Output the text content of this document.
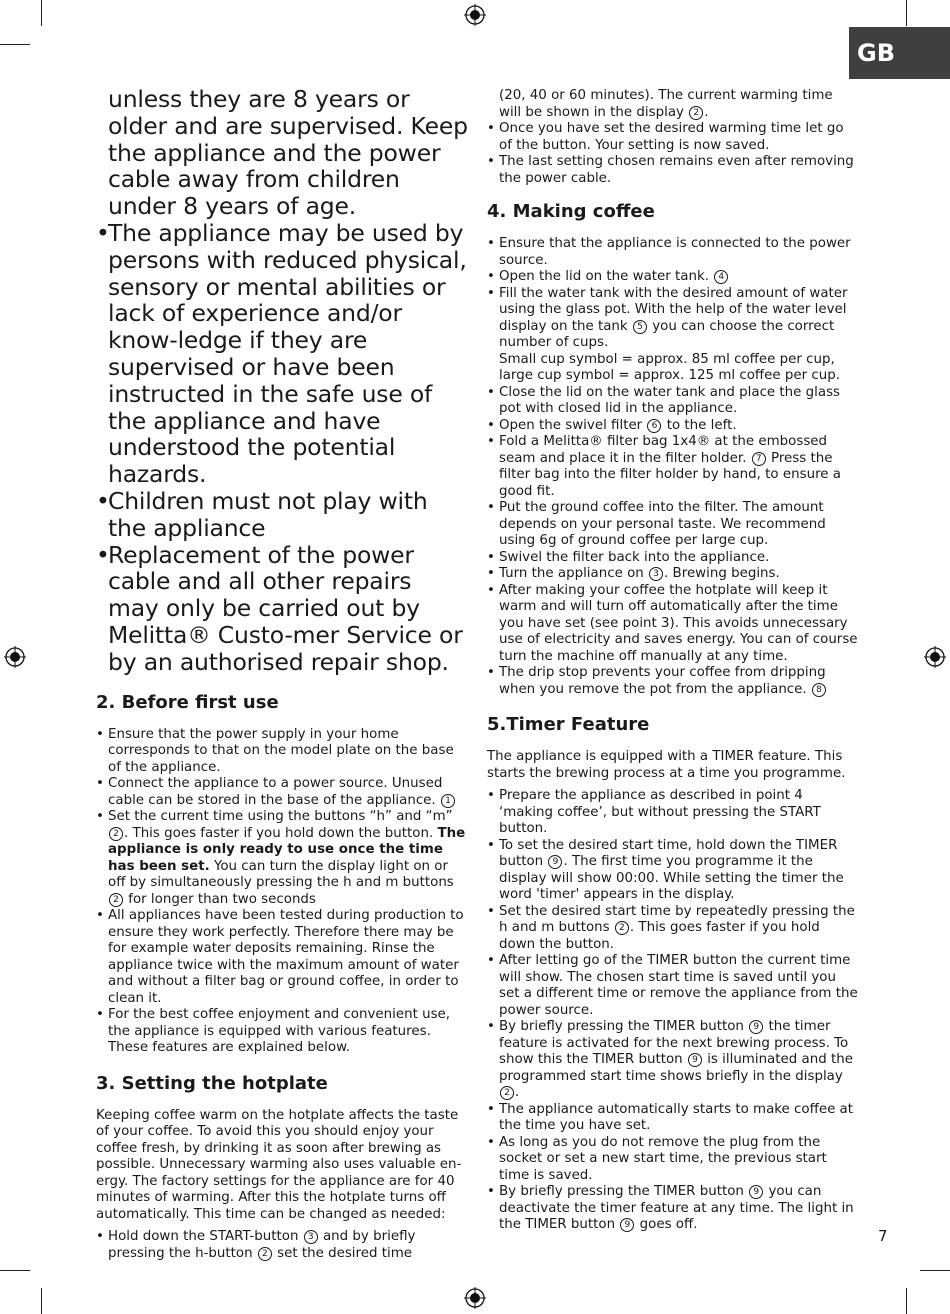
GB

unless they are 8 years or older and are supervised. Keep the appliance and the power cable away from children under 8 years of age.

•
The appliance may be used by persons with reduced physical, sensory or mental abilities or lack of experience and/or know-ledge if they are supervised or have been instructed in the safe use of the appliance and have understood the potential hazards.

•
Children must not play with the appliance

•
Replacement of the power cable and all other repairs may only be carried out by Melitta® Custo-mer Service or by an authorised repair shop.

2. Before first use

• Ensure that the power supply in your home corresponds to that on the model plate on the base of the appliance.
• Connect the appliance to a power source. Unused cable can be stored in the base of the appliance. 1
• Set the current time using the buttons “h” and “m” 2 . This goes faster if you hold down the button. The appliance is only ready to use once the time has been set. You can turn the display light on or off by simultaneously pressing the h and m buttons 2 for longer than two seconds
• All appliances have been tested during production to ensure they work perfectly. Therefore there may be for example water deposits remaining. Rinse the appliance twice with the maximum amount of water and without a filter bag or ground coffee, in order to clean it.
• For the best coffee enjoyment and convenient use, the appliance is equipped with various features. These features are explained below.

3. Setting the hotplate

Keeping coffee warm on the hotplate affects the taste of your coffee. To avoid this you should enjoy your coffee fresh, by drinking it as soon after brewing as possible. Unnecessary warming also uses valuable en-ergy. The factory settings for the appliance are for 40 minutes of warming. After this the hotplate turns off automatically. This time can be changed as needed:

• Hold down the START-button 3 and by briefly pressing the h-button 2 set the desired time
(20, 40 or 60 minutes). The current warming time will be shown in the display 2 .
• Once you have set the desired warming time let go of the button. Your setting is now saved.
• The last setting chosen remains even after removing the power cable.

4. Making coffee

• Ensure that the appliance is connected to the power source.
• Open the lid on the water tank. 4
• Fill the water tank with the desired amount of water using the glass pot. With the help of the water level display on the tank 5 you can choose the correct number of cups.
Small cup symbol = approx. 85 ml coffee per cup, large cup symbol = approx. 125 ml coffee per cup.
• Close the lid on the water tank and place the glass pot with closed lid in the appliance.
• Open the swivel filter 6 to the left.
• Fold a Melitta® filter bag 1x4® at the embossed seam and place it in the filter holder. 7 Press the filter bag into the filter holder by hand, to ensure a good fit.
• Put the ground coffee into the filter. The amount depends on your personal taste. We recommend using 6g of ground coffee per large cup.
• Swivel the filter back into the appliance.
• Turn the appliance on 3 . Brewing begins.
• After making your coffee the hotplate will keep it warm and will turn off automatically after the time you have set (see point 3). This avoids unnecessary use of electricity and saves energy. You can of course turn the machine off manually at any time.
• The drip stop prevents your coffee from dripping when you remove the pot from the appliance. 8

5.Timer Feature

The appliance is equipped with a TIMER feature. This starts the brewing process at a time you programme.

• Prepare the appliance as described in point 4 ‘making coffee’, but without pressing the START button.
• To set the desired start time, hold down the TIMER button 9 . The first time you programme it the display will show 00:00. While setting the timer the word 'timer' appears in the display.
• Set the desired start time by repeatedly pressing the h and m buttons 2 . This goes faster if you hold down the button.
• After letting go of the TIMER button the current time will show. The chosen start time is saved until you set a different time or remove the appliance from the power source.
• By briefly pressing the TIMER button 9 the timer feature is activated for the next brewing process. To show this the TIMER button 9 is illuminated and the programmed start time shows briefly in the display 2 .
• The appliance automatically starts to make coffee at the time you have set.
• As long as you do not remove the plug from the socket or set a new start time, the previous start time is saved.
• By briefly pressing the TIMER button 9 you can deactivate the timer feature at any time. The light in the TIMER button 9 goes off.
7
